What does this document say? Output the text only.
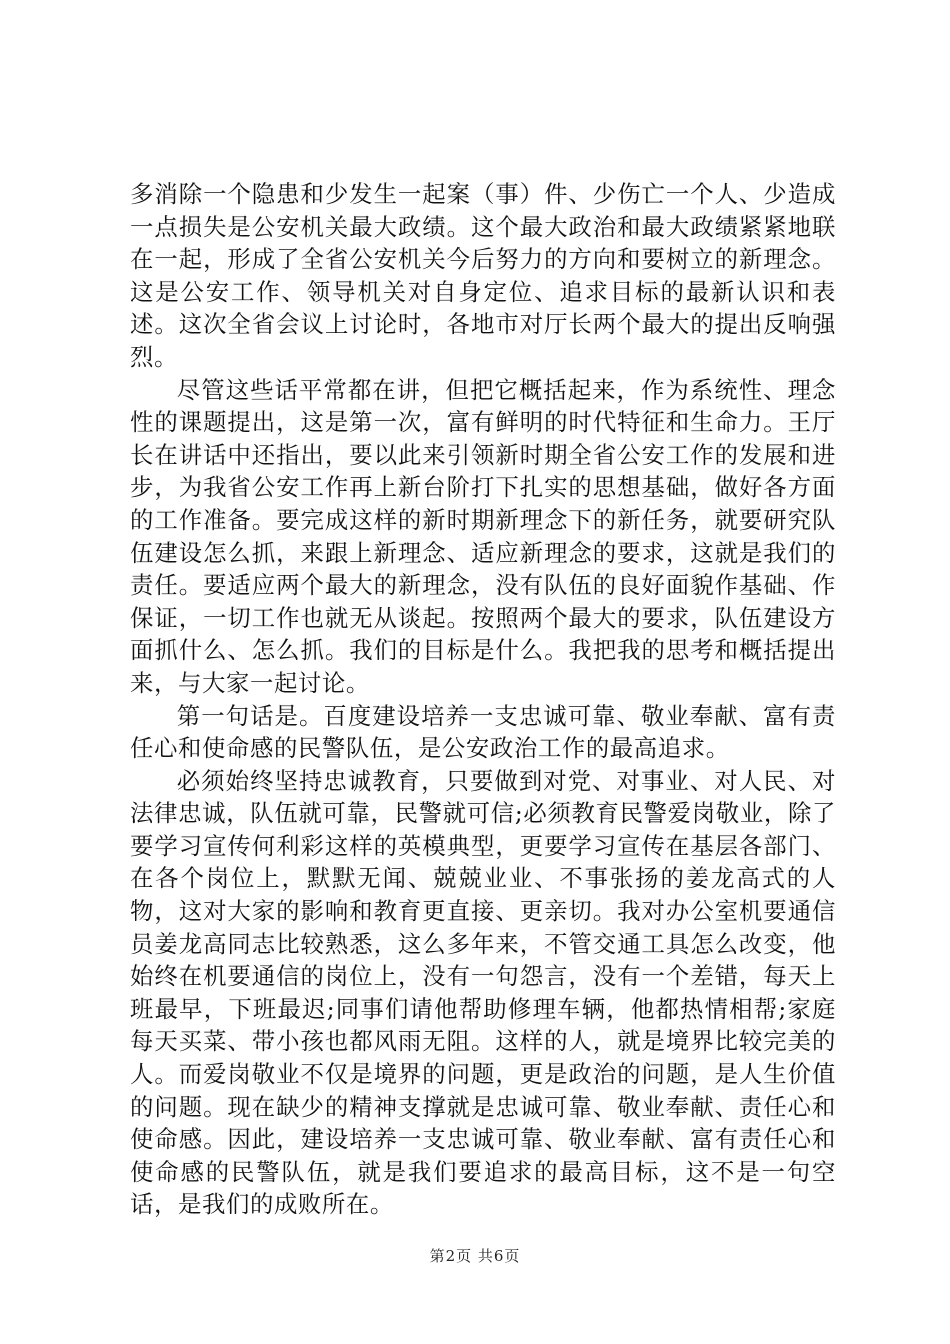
多消除一个隐患和少发生一起案（事）件、少伤亡一个人、少造成一点损失是公安机关最大政绩。这个最大政治和最大政绩紧紧地联在一起，形成了全省公安机关今后努力的方向和要树立的新理念。这是公安工作、领导机关对自身定位、追求目标的最新认识和表述。这次全省会议上讨论时，各地市对厅长两个最大的提出反响强烈。

尽管这些话平常都在讲，但把它概括起来，作为系统性、理念性的课题提出，这是第一次，富有鲜明的时代特征和生命力。王厅长在讲话中还指出，要以此来引领新时期全省公安工作的发展和进步，为我省公安工作再上新台阶打下扎实的思想基础，做好各方面的工作准备。要完成这样的新时期新理念下的新任务，就要研究队伍建设怎么抓，来跟上新理念、适应新理念的要求，这就是我们的责任。要适应两个最大的新理念，没有队伍的良好面貌作基础、作保证，一切工作也就无从谈起。按照两个最大的要求，队伍建设方面抓什么、怎么抓。我们的目标是什么。我把我的思考和概括提出来，与大家一起讨论。

第一句话是。百度建设培养一支忠诚可靠、敬业奉献、富有责任心和使命感的民警队伍，是公安政治工作的最高追求。

必须始终坚持忠诚教育，只要做到对党、对事业、对人民、对法律忠诚，队伍就可靠，民警就可信;必须教育民警爱岗敬业，除了要学习宣传何利彩这样的英模典型，更要学习宣传在基层各部门、在各个岗位上，默默无闻、兢兢业业、不事张扬的姜龙高式的人物，这对大家的影响和教育更直接、更亲切。我对办公室机要通信员姜龙高同志比较熟悉，这么多年来，不管交通工具怎么改变，他始终在机要通信的岗位上，没有一句怨言，没有一个差错，每天上班最早，下班最迟;同事们请他帮助修理车辆，他都热情相帮;家庭每天买菜、带小孩也都风雨无阻。这样的人，就是境界比较完美的人。而爱岗敬业不仅是境界的问题，更是政治的问题，是人生价值的问题。现在缺少的精神支撑就是忠诚可靠、敬业奉献、责任心和使命感。因此，建设培养一支忠诚可靠、敬业奉献、富有责任心和使命感的民警队伍，就是我们要追求的最高目标，这不是一句空话，是我们的成败所在。

第2页 共6页
